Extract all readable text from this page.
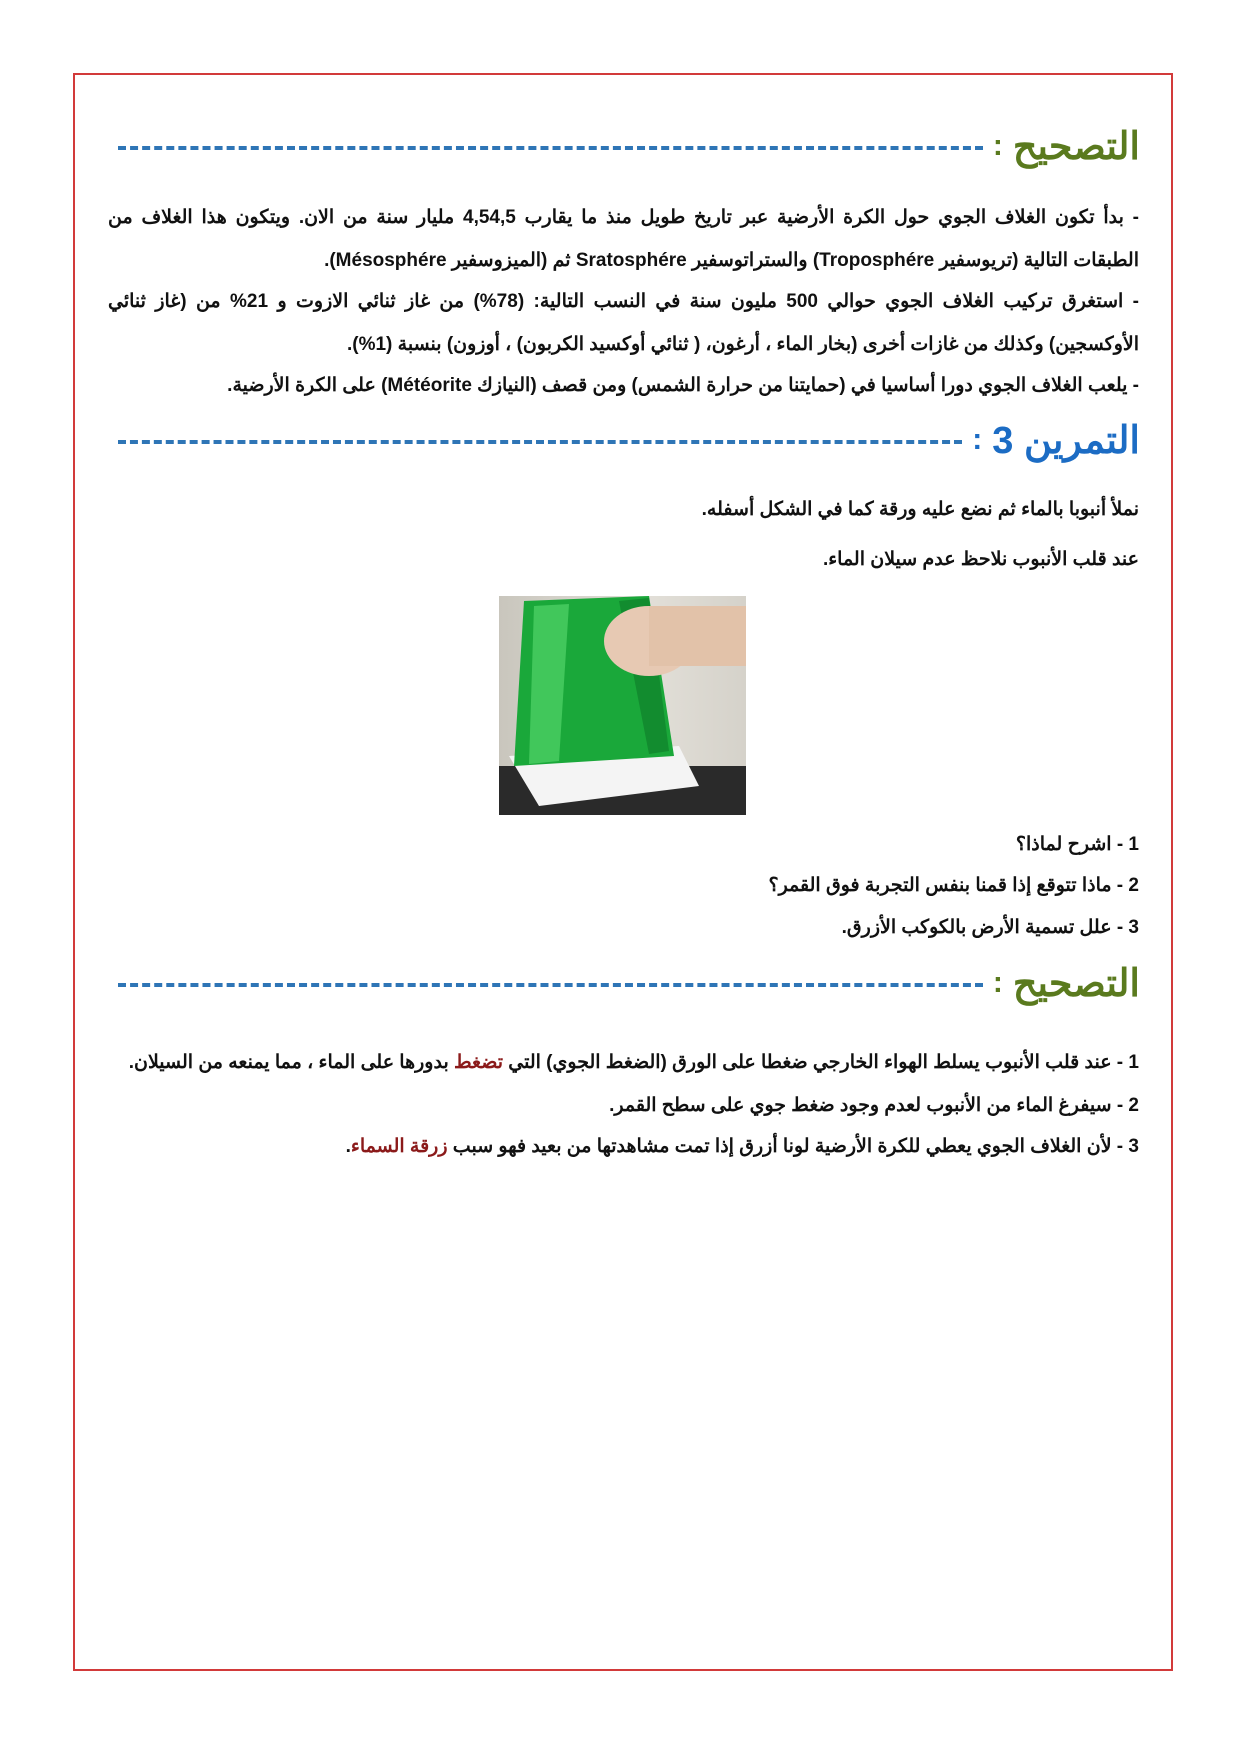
التصحيح
:
- بدأ تكون الغلاف الجوي حول الكرة الأرضية عبر تاريخ طويل منذ ما يقارب 4,54,5 مليار سنة من الان. ويتكون هذا الغلاف من
الطبقات التالية (تريوسفير Troposphére) والستراتوسفير Sratosphére ثم (الميزوسفير Mésosphére).
- استغرق تركيب الغلاف الجوي حوالي 500 مليون سنة في النسب التالية: (78%) من غاز ثنائي الازوت و 21% من (غاز ثنائي
الأوكسجين) وكذلك من غازات أخرى (بخار الماء ، أرغون، ( ثنائي أوكسيد الكربون) ، أوزون) بنسبة (1%).
- يلعب الغلاف الجوي دورا أساسيا في (حمايتنا من حرارة الشمس) ومن قصف (النيازك Météorite) على الكرة الأرضية.
التمرين 3
:
نملأ أنبوبا بالماء ثم نضع عليه ورقة كما في الشكل أسفله.
عند قلب الأنبوب نلاحظ عدم سيلان الماء.
1 - اشرح لماذا؟
2 - ماذا تتوقع إذا قمنا بنفس التجربة فوق القمر؟
3 - علل تسمية الأرض بالكوكب الأزرق.
التصحيح
:
1 - عند قلب الأنبوب يسلط الهواء الخارجي ضغطا على الورق (الضغط الجوي) التي تضغط بدورها على الماء ، مما يمنعه من السيلان.
2 - سيفرغ الماء من الأنبوب لعدم وجود ضغط جوي على سطح القمر.
3 - لأن الغلاف الجوي يعطي للكرة الأرضية لونا أزرق إذا تمت مشاهدتها من بعيد فهو سبب زرقة السماء.
